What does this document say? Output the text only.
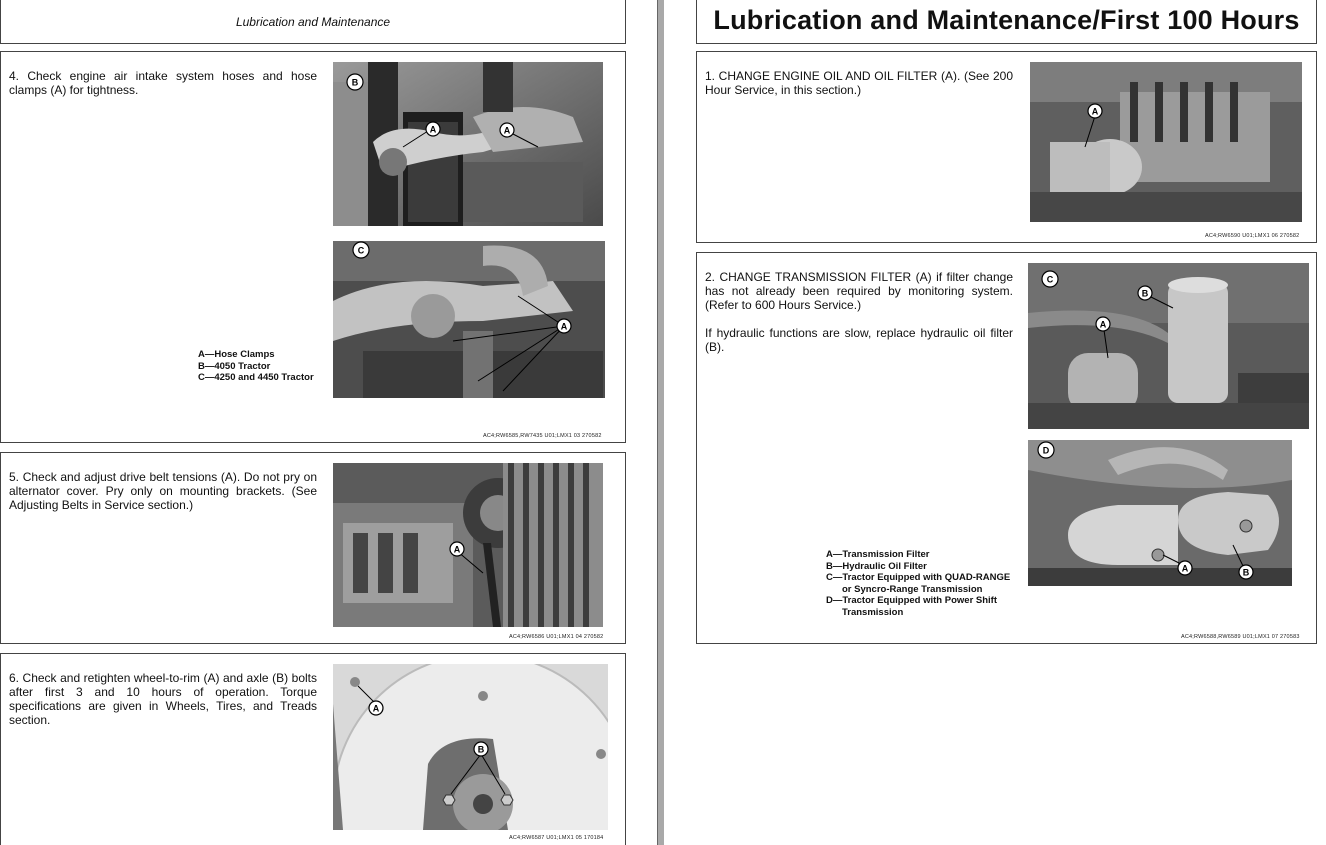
Lubrication and Maintenance
4. Check engine air intake system hoses and hose clamps (A) for tightness.
A—Hose Clamps
B—4050 Tractor
C—4250 and 4450 Tractor
B
A	A
C
A
AC4;RW6585,RW7435 U01;LMX1 03 270582
5. Check and adjust drive belt tensions (A). Do not pry on alternator cover. Pry only on mounting brackets. (See Adjusting Belts in Service section.)
A
AC4;RW6586 U01;LMX1 04 270582
6. Check and retighten wheel-to-rim (A) and axle (B) bolts after first 3 and 10 hours of operation. Torque specifications are given in Wheels, Tires, and Treads section.
A
B
AC4;RW6587 U01;LMX1 05 170184
Lubrication and Maintenance/First 100 Hours
1. CHANGE ENGINE OIL AND OIL FILTER (A). (See 200 Hour Service, in this section.)
A
AC4;RW6590 U01;LMX1 06 270582
2. CHANGE TRANSMISSION FILTER (A) if filter change has not already been required by monitoring system. (Refer to 600 Hours Service.)
If hydraulic functions are slow, replace hydraulic oil filter (B).
A—Transmission Filter
B—Hydraulic Oil Filter
C—Tractor Equipped with QUAD-RANGE
or Syncro-Range Transmission
D—Tractor Equipped with Power Shift
Transmission
C
B
A
D
A	B
AC4;RW6588,RW6589 U01;LMX1 07 270583
